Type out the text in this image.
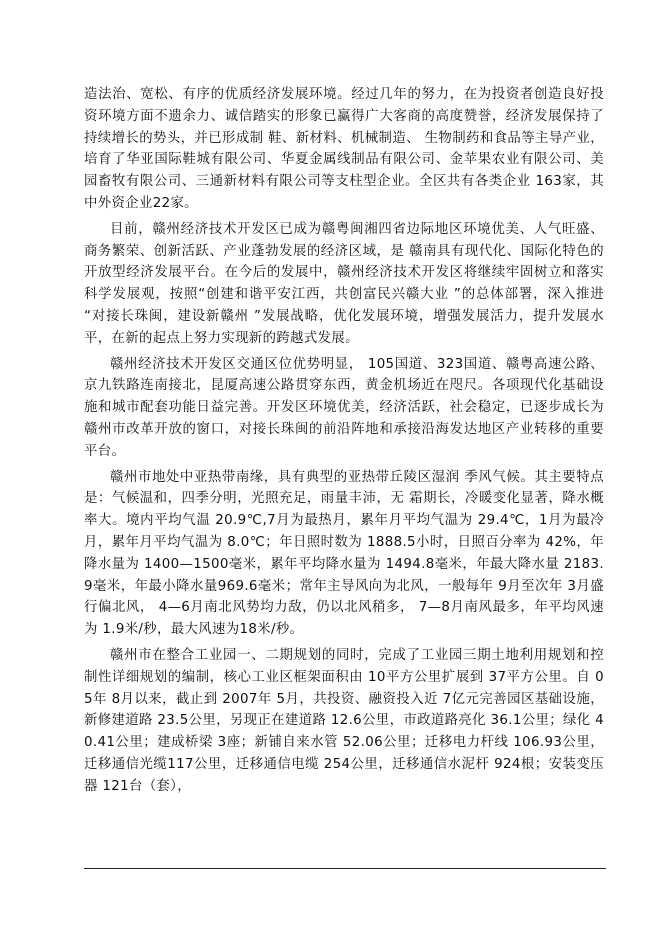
造法治、宽松、有序的优质经济发展环境。经过几年的努力，在为投资者创造良好投资环境方面不遗余力、诚信踏实的形象已赢得广大客商的高度赞誉，经济发展保持了持续增长的势头，并已形成制 鞋、新材料、机械制造、 生物制药和食品等主导产业，培育了华亚国际鞋城有限公司、华夏金属线制品有限公司、金苹果农业有限公司、美园畜牧有限公司、三通新材料有限公司等支柱型企业。全区共有各类企业 163家，其中外资企业22家。

目前，赣州经济技术开发区已成为赣粤闽湘四省边际地区环境优美、人气旺盛、商务繁荣、创新活跃、产业蓬勃发展的经济区域，是 赣南具有现代化、国际化特色的开放型经济发展平台。在今后的发展中，赣州经济技术开发区将继续牢固树立和落实科学发展观，按照“创建和谐平安江西，共创富民兴赣大业 ”的总体部署，深入推进 “对接长珠闽，建设新赣州 ”发展战略，优化发展环境，增强发展活力，提升发展水平，在新的起点上努力实现新的跨越式发展。

赣州经济技术开发区交通区位优势明显， 105国道、323国道、赣粤高速公路、京九铁路连南接北，昆厦高速公路贯穿东西，黄金机场近在咫尺。各项现代化基础设施和城市配套功能日益完善。开发区环境优美，经济活跃，社会稳定，已逐步成长为赣州市改革开放的窗口，对接长珠闽的前沿阵地和承接沿海发达地区产业转移的重要平台。

赣州市地处中亚热带南缘，具有典型的亚热带丘陵区湿润 季风气候。其主要特点是：气候温和，四季分明，光照充足，雨量丰沛，无 霜期长，冷暖变化显著，降水概率大。境内平均气温 20.9℃,7月为最热月，累年月平均气温为 29.4℃，1月为最冷月，累年月平均气温为 8.0℃；年日照时数为 1888.5小时，日照百分率为 42%，年降水量为 1400—1500毫米，累年平均降水量为 1494.8毫米，年最大降水量 2183.9毫米，年最小降水量969.6毫米；常年主导风向为北风，一般每年 9月至次年 3月盛行偏北风， 4—6月南北风势均力敌，仍以北风稍多， 7—8月南风最多，年平均风速为 1.9米/秒，最大风速为18米/秒。

赣州市在整合工业园一、二期规划的同时，完成了工业园三期土地利用规划和控制性详细规划的编制，核心工业区框架面积由 10平方公里扩展到 37平方公里。自 05年 8月以来，截止到 2007年 5月，共投资、融资投入近 7亿元完善园区基础设施，新修建道路 23.5公里，另现正在建道路 12.6公里，市政道路亮化 36.1公里；绿化 40.41公里；建成桥梁 3座；新铺自来水管 52.06公里；迁移电力杆线 106.93公里，迁移通信光缆117公里，迁移通信电缆 254公里，迁移通信水泥杆 924根；安装变压器 121台（套），
